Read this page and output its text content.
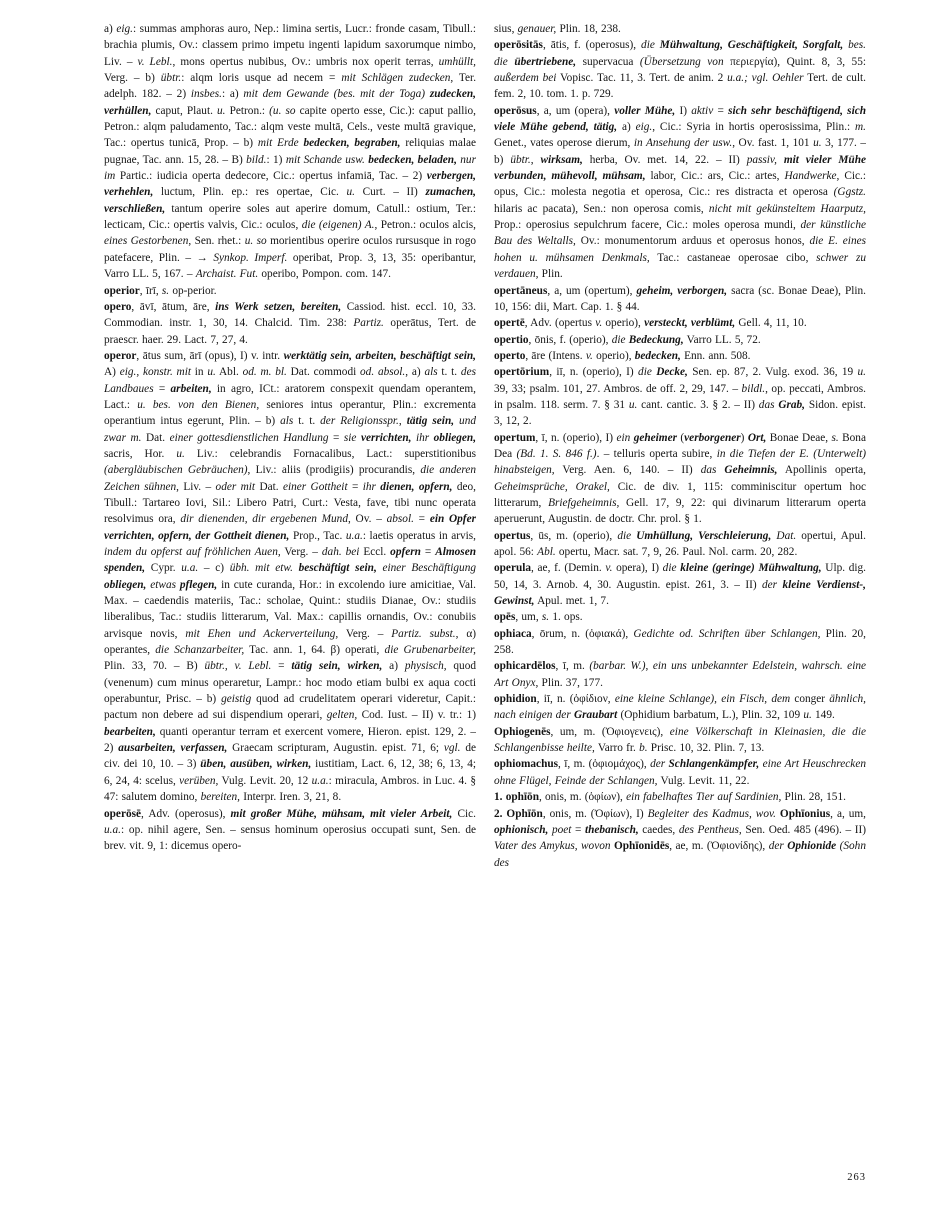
a) eig.: summas amphoras auro, Nep.: limina sertis, Lucr.: fronde casam, Tibull.: brachia plumis, Ov.: classem primo impetu ingenti lapidum saxorumque nimbo, Liv. – v. Lebl., mons opertus nubibus, Ov.: umbris nox operit terras, umhüllt, Verg. – b) übtr.: alqm loris usque ad necem = mit Schlägen zudecken, Ter. adelph. 182. – 2) insbes.: a) mit dem Gewande (bes. mit der Toga) zudecken, verhüllen, caput, Plaut. u. Petron.: (u. so capite operto esse, Cic.): caput pallio, Petron.: alqm paludamento, Tac.: alqm veste multā, Cels., veste multā gravique, Tac.: opertus tunicā, Prop. – b) mit Erde bedecken, begraben, reliquias malae pugnae, Tac. ann. 15, 28. – B) bild.: 1) mit Schande usw. bedecken, beladen, nur im Partic.: iudicia operta dedecore, Cic.: opertus infamiā, Tac. – 2) verbergen, verhehlen, luctum, Plin. ep.: res opertae, Cic. u. Curt. – II) zumachen, verschließen, tantum operire soles aut aperire domum, Catull.: ostium, Ter.: lecticam, Cic.: opertis valvis, Cic.: oculos, die (eigenen) A., Petron.: oculos alcis, eines Gestorbenen, Sen. rhet.: u. so morientibus operire oculos rursusque in rogo patefacere, Plin. – → Synkop. Imperf. operibat, Prop. 3, 13, 35: operibantur, Varro LL. 5, 167. – Archaist. Fut. operibo, Pompon. com. 147.

operior, īrī, s. op-perior.

opero, āvī, ātum, āre, ins Werk setzen, bereiten, Cassiod. hist. eccl. 10, 33. Commodian. instr. 1, 30, 14. Chalcid. Tim. 238: Partiz. operātus, Tert. de praescr. haer. 29. Lact. 7, 27, 4.

operor, ātus sum, ārī (opus), I) v. intr. werktätig sein, arbeiten, beschäftigt sein, A) eig., konstr. mit in u. Abl. od. m. bl. Dat. commodi od. absol., a) als t. t. des Landbaues = arbeiten, in agro, ICt.: aratorem conspexit quendam operantem, Lact.: u. bes. von den Bienen, seniores intus operantur, Plin.: excrementa operantium intus egerunt, Plin. – b) als t. t. der Religionsspr., tätig sein, und zwar m. Dat. einer gottesdienstlichen Handlung = sie verrichten, ihr obliegen, sacris, Hor. u. Liv.: celebrandis Fornacalibus, Lact.: superstitionibus (abergläubischen Gebräuchen), Liv.: aliis (prodigiis) procurandis, die anderen Zeichen sühnen, Liv. – oder mit Dat. einer Gottheit = ihr dienen, opfern, deo, Tibull.: Tartareo Iovi, Sil.: Libero Patri, Curt.: Vesta, fave, tibi nunc operata resolvimus ora, dir dienenden, dir ergebenen Mund, Ov. – absol. = ein Opfer verrichten, opfern, der Gottheit dienen, Prop., Tac. u.a.: laetis operatus in arvis, indem du opferst auf fröhlichen Auen, Verg. – dah. bei Eccl. opfern = Almosen spenden, Cypr. u.a. – c) übh. mit etw. beschäftigt sein, einer Beschäftigung obliegen, etwas pflegen, in cute curanda, Hor.: in excolendo iure amicitiae, Val. Max. – caedendis materiis, Tac.: scholae, Quint.: studiis Dianae, Ov.: studiis liberalibus, Tac.: studiis litterarum, Val. Max.: capillis ornandis, Ov.: conubiis arvisque novis, mit Ehen und Ackerverteilung, Verg. – Partiz. subst., α) operantes, die Schanzarbeiter, Tac. ann. 1, 64. β) operati, die Grubenarbeiter, Plin. 33, 70. – B) übtr., v. Lebl. = tätig sein, wirken, a) physisch, quod (venenum) cum minus operaretur, Lampr.: hoc modo etiam bulbi ex aqua cocti operabuntur, Prisc. – b) geistig quod ad crudelitatem operari videretur, Capit.: pactum non debere ad sui dispendium operari, gelten, Cod. Iust. – II) v. tr.: 1) bearbeiten, quanti operantur terram et exercent vomere, Hieron. epist. 129, 2. – 2) ausarbeiten, verfassen, Graecam scripturam, Augustin. epist. 71, 6; vgl. de civ. dei 10, 10. – 3) üben, ausüben, wirken, iustitiam, Lact. 6, 12, 38; 6, 13, 4; 6, 24, 4: scelus, verüben, Vulg. Levit. 20, 12 u.a.: miracula, Ambros. in Luc. 4. § 47: salutem domino, bereiten, Interpr. Iren. 3, 21, 8.

operōsē, Adv. (operosus), mit großer Mühe, mühsam, mit vieler Arbeit, Cic. u.a.: op. nihil agere, Sen. – sensus hominum operosius occupati sunt, Sen. de brev. vit. 9, 1: dicemus opero-

sius, genauer, Plin. 18, 238.

operōsitās, ātis, f. (operosus), die Mühwaltung, Geschäftigkeit, Sorgfalt, bes. die übertriebene, supervacua (Übersetzung von περιεργία), Quint. 8, 3, 55: außerdem bei Vopisc. Tac. 11, 3. Tert. de anim. 2 u.a.; vgl. Oehler Tert. de cult. fem. 2, 10. tom. 1. p. 729.

operōsus, a, um (opera), voller Mühe, I) aktiv = sich sehr beschäftigend, sich viele Mühe gebend, tätig, a) eig., Cic.: Syria in hortis operosissima, Plin.: m. Genet., vates operose dierum, in Ansehung der usw., Ov. fast. 1, 101 u. 3, 177. – b) übtr., wirksam, herba, Ov. met. 14, 22. – II) passiv, mit vieler Mühe verbunden, mühevoll, mühsam, labor, Cic.: ars, Cic.: artes, Handwerke, Cic.: opus, Cic.: molesta negotia et operosa, Cic.: res distracta et operosa (Ggstz. hilaris ac pacata), Sen.: non operosa comis, nicht mit gekünsteltem Haarputz, Prop.: operosius sepulchrum facere, Cic.: moles operosa mundi, der künstliche Bau des Weltalls, Ov.: monumentorum arduus et operosus honos, die E. eines hohen u. mühsamen Denkmals, Tac.: castaneae operosae cibo, schwer zu verdauen, Plin.

opertāneus, a, um (opertum), geheim, verborgen, sacra (sc. Bonae Deae), Plin. 10, 156: dii, Mart. Cap. 1. § 44.

opertē, Adv. (opertus v. operio), versteckt, verblümt, Gell. 4, 11, 10.

opertio, ōnis, f. (operio), die Bedeckung, Varro LL. 5, 72.

operto, āre (Intens. v. operio), bedecken, Enn. ann. 508.

opertōrium, iī, n. (operio), I) die Decke, Sen. ep. 87, 2. Vulg. exod. 36, 19 u. 39, 33; psalm. 101, 27. Ambros. de off. 2, 29, 147. – bildl., op. peccati, Ambros. in psalm. 118. serm. 7. § 31 u. cant. cantic. 3. § 2. – II) das Grab, Sidon. epist. 3, 12, 2.

opertum, ī, n. (operio), I) ein geheimer (verborgener) Ort, Bonae Deae, s. Bona Dea (Bd. 1. S. 846 f.). – telluris operta subire, in die Tiefen der E. (Unterwelt) hinabsteigen, Verg. Aen. 6, 140. – II) das Geheimnis, Apollinis operta, Geheimsprüche, Orakel, Cic. de div. 1, 115: comminiscitur opertum hoc litterarum, Briefgeheimnis, Gell. 17, 9, 22: qui divinarum litterarum operta aperuerunt, Augustin. de doctr. Chr. prol. § 1.

opertus, ūs, m. (operio), die Umhüllung, Verschleierung, Dat. opertui, Apul. apol. 56: Abl. opertu, Macr. sat. 7, 9, 26. Paul. Nol. carm. 20, 282.

operula, ae, f. (Demin. v. opera), I) die kleine (geringe) Mühwaltung, Ulp. dig. 50, 14, 3. Arnob. 4, 30. Augustin. epist. 261, 3. – II) der kleine Verdienst-, Gewinst, Apul. met. 1, 7.

opēs, um, s. 1. ops.

ophiaca, ōrum, n. (ὀφιακά), Gedichte od. Schriften über Schlangen, Plin. 20, 258.

ophicardēlos, ī, m. (barbar. W.), ein uns unbekannter Edelstein, wahrsch. eine Art Onyx, Plin. 37, 177.

ophidion, iī, n. (ὀφίδιον, eine kleine Schlange), ein Fisch, dem conger ähnlich, nach einigen der Graubart (Ophidium barbatum, L.), Plin. 32, 109 u. 149.

Ophiogenēs, um, m. (Ὀφιογενεις), eine Völkerschaft in Kleinasien, die die Schlangenbisse heilte, Varro fr. b. Prisc. 10, 32. Plin. 7, 13.

ophiomachus, ī, m. (ὀφιομάχος), der Schlangenkämpfer, eine Art Heuschrecken ohne Flügel, Feinde der Schlangen, Vulg. Levit. 11, 22.

1. ophīōn, onis, m. (ὀφίων), ein fabelhaftes Tier auf Sardinien, Plin. 28, 151.

2. Ophīōn, onis, m. (Ὀφίων), I) Begleiter des Kadmus, wov. Ophīonius, a, um, ophionisch, poet = thebanisch, caedes, des Pentheus, Sen. Oed. 485 (496). – II) Vater des Amykus, wovon Ophīonidēs, ae, m. (Ὀφιονίδης), der Ophionide (Sohn des

263
